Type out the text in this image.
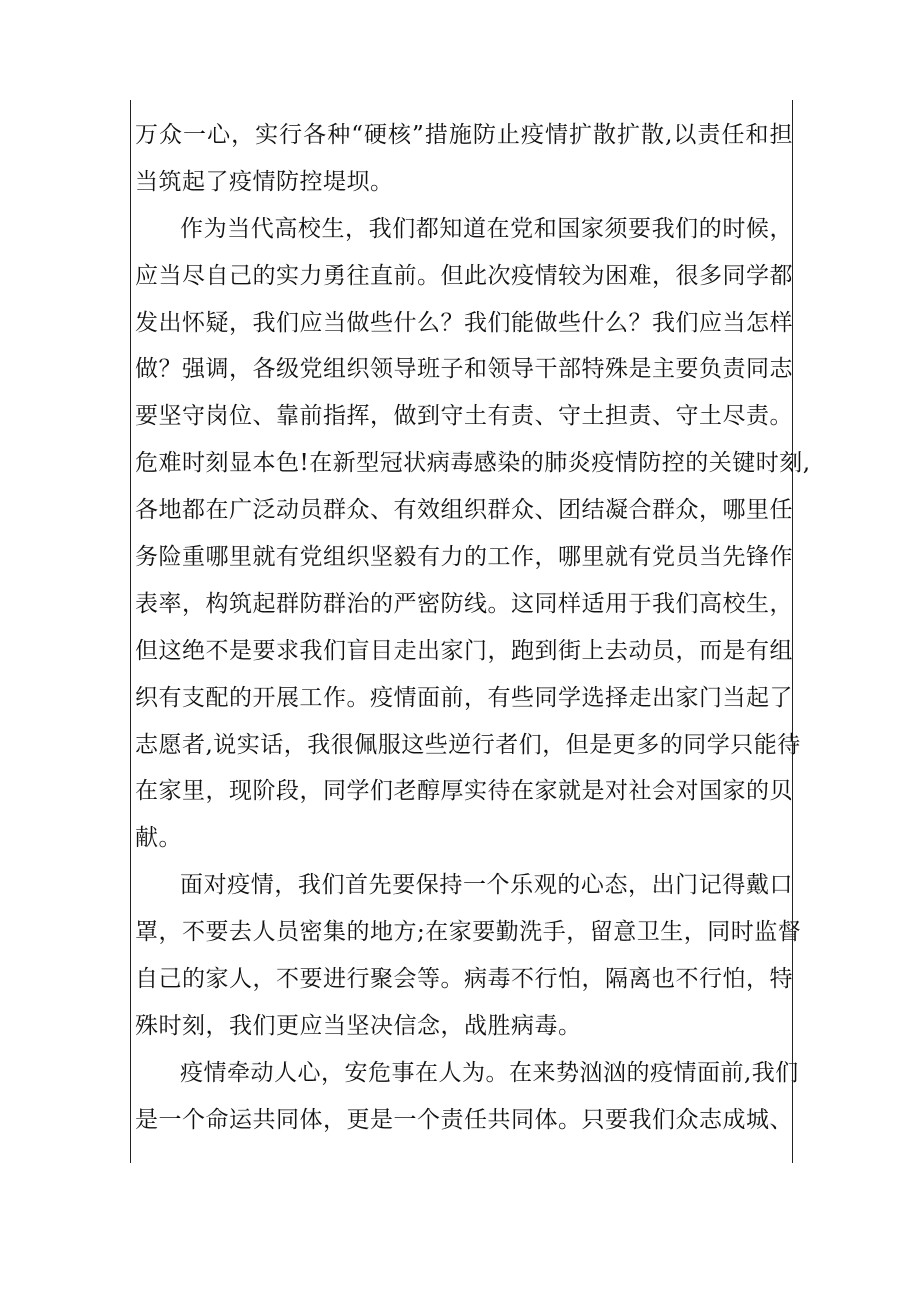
万众一心，实行各种“硬核”措施防止疫情扩散扩散,以责任和担
当筑起了疫情防控堤坝。
作为当代高校生，我们都知道在党和国家须要我们的时候，
应当尽自己的实力勇往直前。但此次疫情较为困难，很多同学都
发出怀疑，我们应当做些什么？我们能做些什么？我们应当怎样
做？强调，各级党组织领导班子和领导干部特殊是主要负责同志
要坚守岗位、靠前指挥，做到守土有责、守土担责、守土尽责。
危难时刻显本色!在新型冠状病毒感染的肺炎疫情防控的关键时刻,
各地都在广泛动员群众、有效组织群众、团结凝合群众，哪里任
务险重哪里就有党组织坚毅有力的工作，哪里就有党员当先锋作
表率，构筑起群防群治的严密防线。这同样适用于我们高校生，
但这绝不是要求我们盲目走出家门，跑到街上去动员，而是有组
织有支配的开展工作。疫情面前，有些同学选择走出家门当起了
志愿者,说实话，我很佩服这些逆行者们，但是更多的同学只能待
在家里，现阶段，同学们老醇厚实待在家就是对社会对国家的贝
献。
面对疫情，我们首先要保持一个乐观的心态，出门记得戴口
罩，不要去人员密集的地方;在家要勤洗手，留意卫生，同时监督
自己的家人，不要进行聚会等。病毒不行怕，隔离也不行怕，特
殊时刻，我们更应当坚决信念，战胜病毒。
疫情牵动人心，安危事在人为。在来势汹汹的疫情面前,我们
是一个命运共同体，更是一个责任共同体。只要我们众志成城、
